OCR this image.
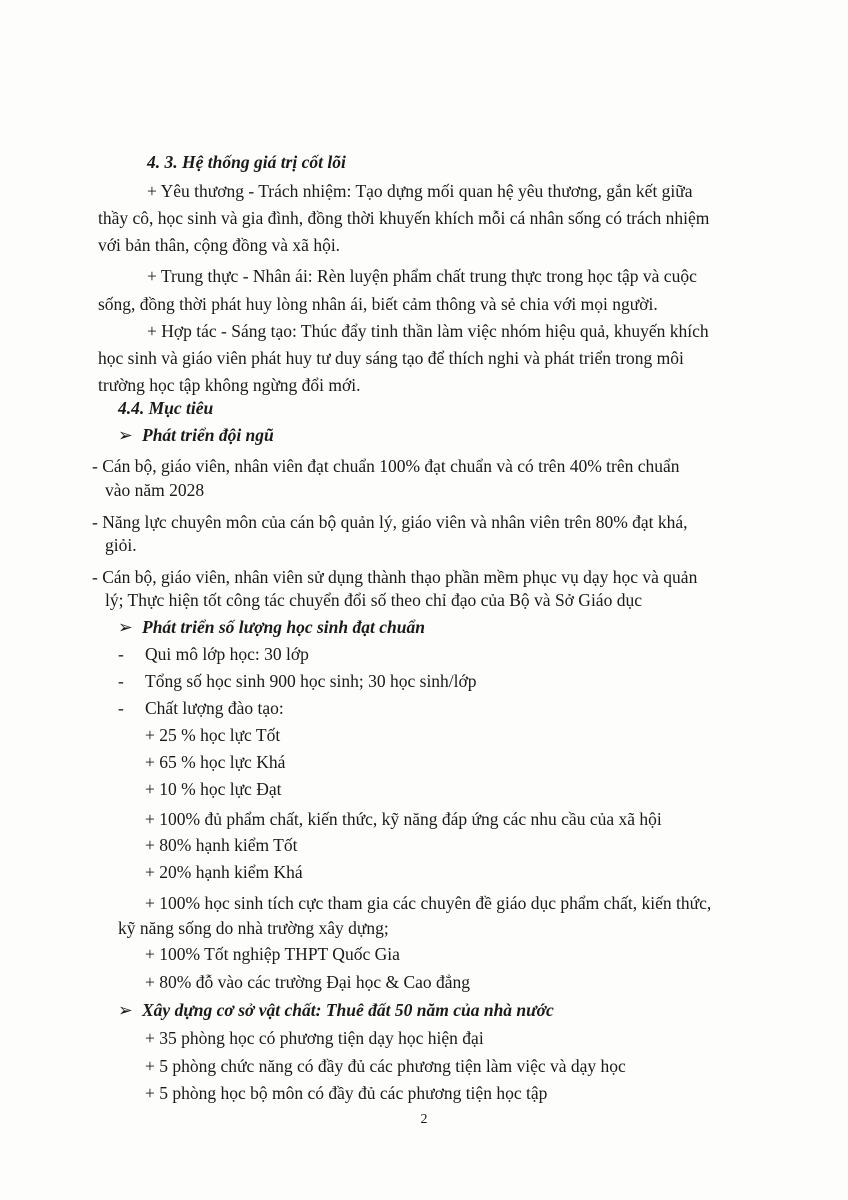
4. 3. Hệ thống giá trị cốt lõi
+ Yêu thương - Trách nhiệm: Tạo dựng mối quan hệ yêu thương, gắn kết giữa
thầy cô, học sinh và gia đình, đồng thời khuyến khích mỗi cá nhân sống có trách nhiệm
với bản thân, cộng đồng và xã hội.
+ Trung thực - Nhân ái: Rèn luyện phẩm chất trung thực trong học tập và cuộc
sống, đồng thời phát huy lòng nhân ái, biết cảm thông và sẻ chia với mọi người.
+ Hợp tác - Sáng tạo: Thúc đẩy tinh thần làm việc nhóm hiệu quả, khuyến khích
học sinh và giáo viên phát huy tư duy sáng tạo để thích nghi và phát triển trong môi
trường học tập không ngừng đổi mới.
4.4. Mục tiêu
➢ Phát triển đội ngũ
- Cán bộ, giáo viên, nhân viên đạt chuẩn 100% đạt chuẩn và có trên 40% trên chuẩn
vào năm 2028
- Năng lực chuyên môn của cán bộ quản lý, giáo viên và nhân viên trên 80% đạt khá,
giỏi.
- Cán bộ, giáo viên, nhân viên sử dụng thành thạo phần mềm phục vụ dạy học và quản
lý; Thực hiện tốt công tác chuyển đổi số theo chỉ đạo của Bộ và Sở Giáo dục
➢ Phát triển số lượng học sinh đạt chuẩn
- Qui mô lớp học: 30 lớp
- Tổng số học sinh 900 học sinh; 30 học sinh/lớp
- Chất lượng đào tạo:
+ 25 % học lực Tốt
+ 65 % học lực Khá
+ 10 % học lực Đạt
+ 100% đủ phẩm chất, kiến thức, kỹ năng đáp ứng các nhu cầu của xã hội
+ 80% hạnh kiểm Tốt
+ 20% hạnh kiểm Khá
+ 100% học sinh tích cực tham gia các chuyên đề giáo dục phẩm chất, kiến thức,
kỹ năng sống do nhà trường xây dựng;
+ 100% Tốt nghiệp THPT Quốc Gia
+ 80% đỗ vào các trường Đại học & Cao đẳng
➢ Xây dựng cơ sở vật chất: Thuê đất 50 năm của nhà nước
+ 35 phòng học có phương tiện dạy học hiện đại
+ 5 phòng chức năng có đầy đủ các phương tiện làm việc và dạy học
+ 5 phòng học bộ môn có đầy đủ các phương tiện học tập
2
